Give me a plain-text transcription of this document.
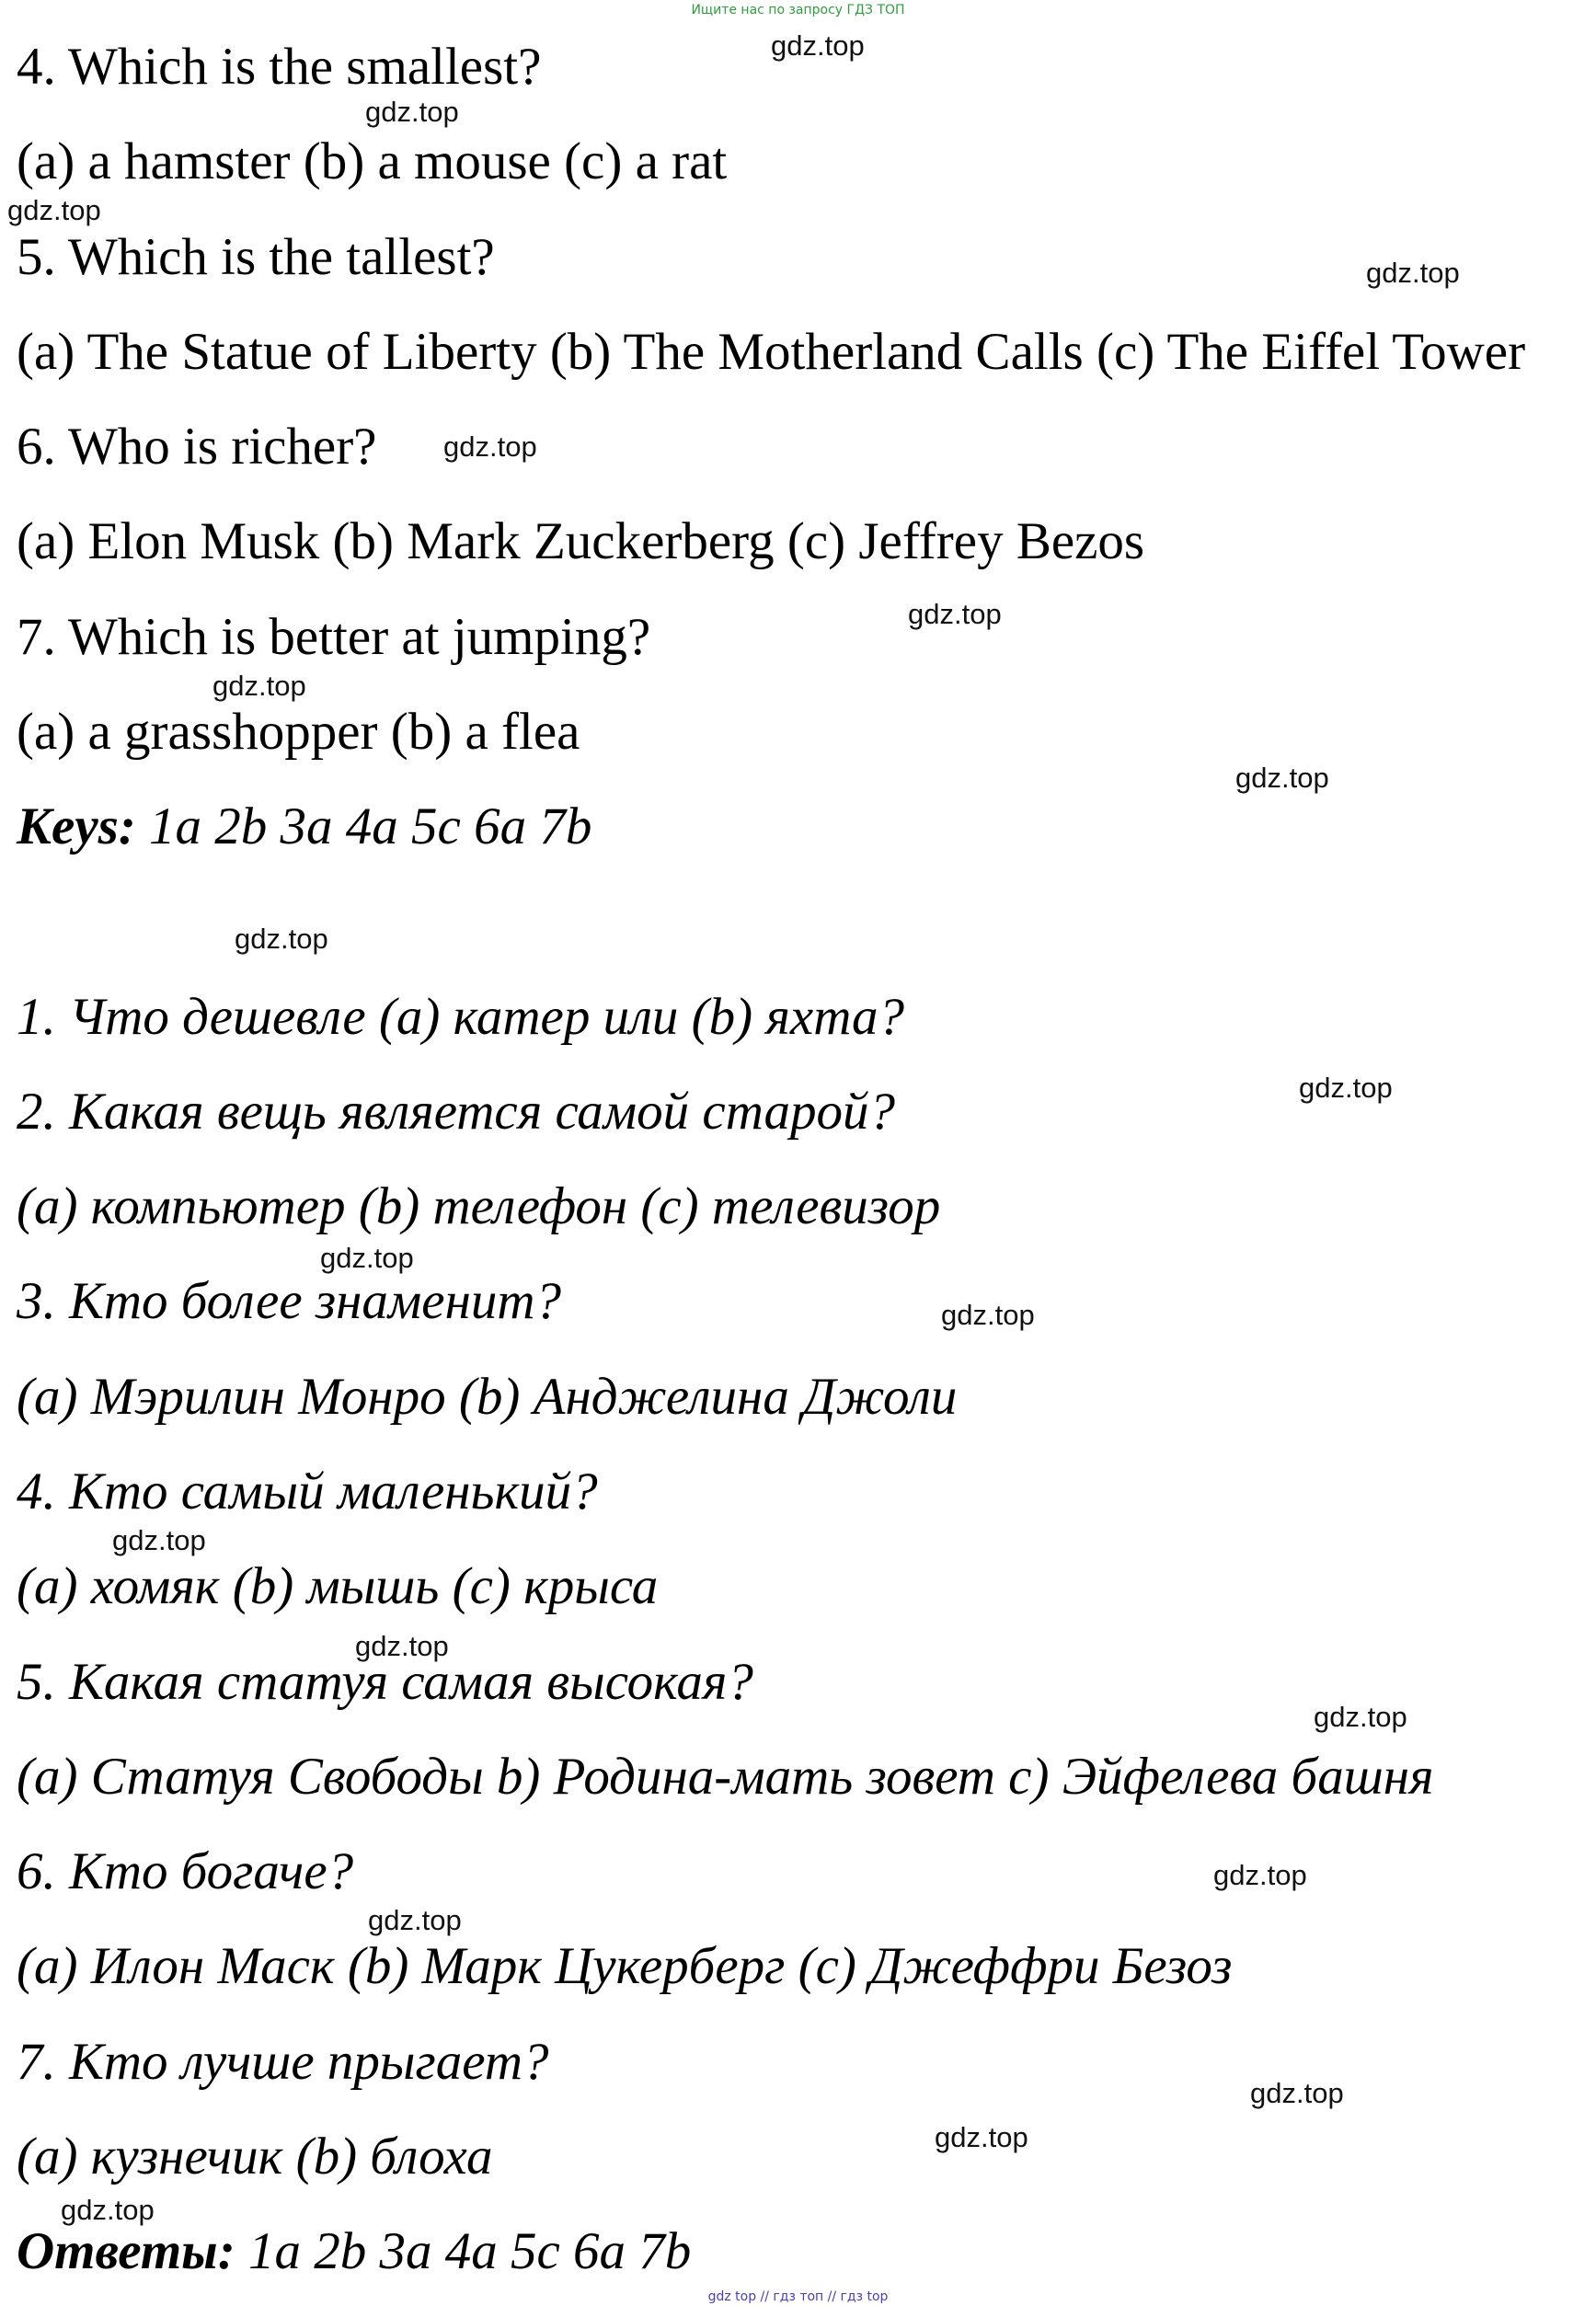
Ищите нас по запросу ГДЗ ТОП
4. Which is the smallest?
(a) a hamster (b) a mouse (c) a rat
5. Which is the tallest?
(a) The Statue of Liberty (b) The Motherland Calls (c) The Eiffel Tower
6. Who is richer?
(a) Elon Musk (b) Mark Zuckerberg (c) Jeffrey Bezos
7. Which is better at jumping?
(a) a grasshopper (b) a flea
Keys: 1a 2b 3a 4a 5c 6a 7b
1. Что дешевле (a) катер или (b) яхта?
2. Какая вещь является самой старой?
(a) компьютер (b) телефон (c) телевизор
3. Кто более знаменит?
(a) Мэрилин Монро (b) Анджелина Джоли
4. Кто самый маленький?
(a) хомяк (b) мышь (c) крыса
5. Какая статуя самая высокая?
(a) Статуя Свободы b) Родина-мать зовет c) Эйфелева башня
6. Кто богаче?
(a) Илон Маск (b) Марк Цукерберг (c) Джеффри Безоз
7. Кто лучше прыгает?
(a) кузнечик (b) блоха
Ответы: 1a 2b 3a 4a 5c 6a 7b
gdz.top
gdz.top
gdz.top
gdz.top
gdz.top
gdz.top
gdz.top
gdz.top
gdz.top
gdz.top
gdz.top
gdz.top
gdz.top
gdz.top
gdz.top
gdz.top
gdz.top
gdz.top
gdz.top
gdz.top
gdz top // гдз топ // гдз top
